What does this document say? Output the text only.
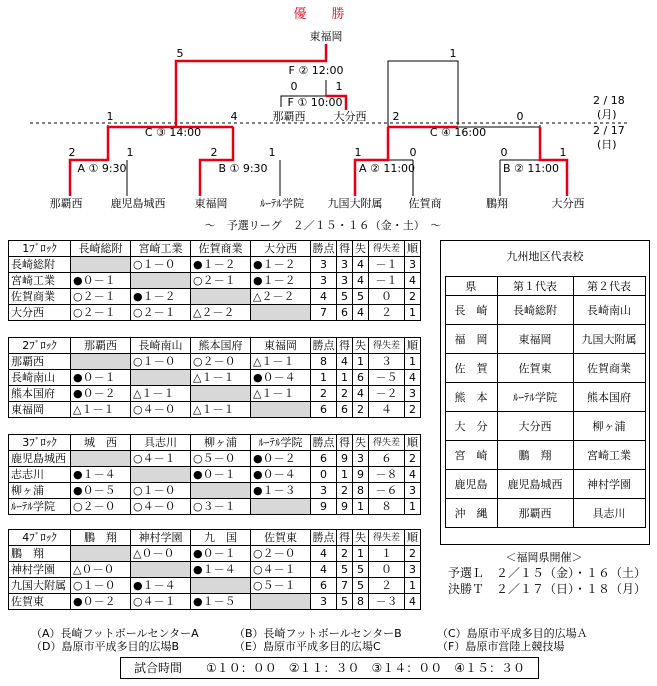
優　勝
東福岡
5	1
F ② 12:00
0	1
F ① 10:00
那覇西	大分西
2 / 18
(月)
2 / 17
(日)
1	4
C ③ 14:00
2	0
C ④ 16:00
2	1
A ① 9:30
2	1
B ① 9:30
1	0
A ② 11:00
0	1
B ② 11:00
那覇西	鹿児島城西	東福岡	ﾙｰﾃﾙ学院 九国大附属 佐賀商	鵬翔	大分西
～　予選リーグ　２／１５・１６（金・土）　～
1ﾌﾞﾛｯｸ	長崎総附	宮崎工業	佐賀商業	大分西	勝点	得	失	得失差	順
長崎総附		○１－０	●１－２	●１－２	3	3	4	－１	3
宮崎工業	●０－１		○２－１	●１－２	3	3	4	－１	4
佐賀商業	○２－１	●１－２		△２－２	4	5	5	０	2
大分西	○２－１	○２－１	△２－２		7	6	4	２	1
2ﾌﾞﾛｯｸ	那覇西	長崎南山	熊本国府	東福岡	勝点	得	失	得失差	順
那覇西		○１－０	○２－０	△１－１	8	4	1	３	1
長崎南山	●０－１		△１－１	●０－４	1	1	6	－５	4
熊本国府	●０－２	△１－１		△１－１	2	2	4	－２	3
東福岡	△１－１	○４－０	△１－１		6	6	2	４	2
3ﾌﾞﾛｯｸ	城　西	具志川	柳ヶ浦	ﾙｰﾃﾙ学院	勝点	得	失	得失差	順
鹿児島城西		○４－１	○５－０	●０－２	6	9	3	６	2
志志川	●１－４		●０－１	●０－４	0	1	9	－８	4
柳ヶ浦	●０－５	○１－０		●１－３	3	2	8	－６	3
ﾙｰﾃﾙ学院	○２－０	○４－０	○３－１		9	9	1	８	1
4ﾌﾞﾛｯｸ	鵬　翔	神村学園	九　国	佐賀東	勝点	得	失	得失差	順
鵬　翔		△０－０	●０－１	○２－０	4	2	1	１	2
神村学園	△０－０		●１－４	○４－１	4	5	5	０	3
九国大附属	○１－０	●１－４		○５－１	6	7	5	２	1
佐賀東	●０－２	○４－１	●１－５		3	5	8	－３	4
九州地区代表校
県	第１代表	第２代表
長　崎	長崎総附	長崎南山
福　岡	東福岡	九国大附属
佐　賀	佐賀東	佐賀商業
熊　本	ﾙｰﾃﾙ学院	熊本国府
大　分	大分西	柳ヶ浦
宮　崎	鵬　翔	宮崎工業
鹿児島	鹿児島城西	神村学園
沖　縄	那覇西	具志川
＜福岡県開催＞
予選Ｌ　２／１５（金）・１６（土）
決勝Ｔ　２／１７（日）・１８（月）
（A）長崎フットボールセンターA	（B）長崎フットボールセンターB	（C）島原市平成多目的広場Ａ
（D）島原市平成多目的広場B	（E）島原市平成多目的広場C	（F）島原市営陸上競技場
試合時間　　①１０：００　②１１：３０　③１４：００　④１５：３０
